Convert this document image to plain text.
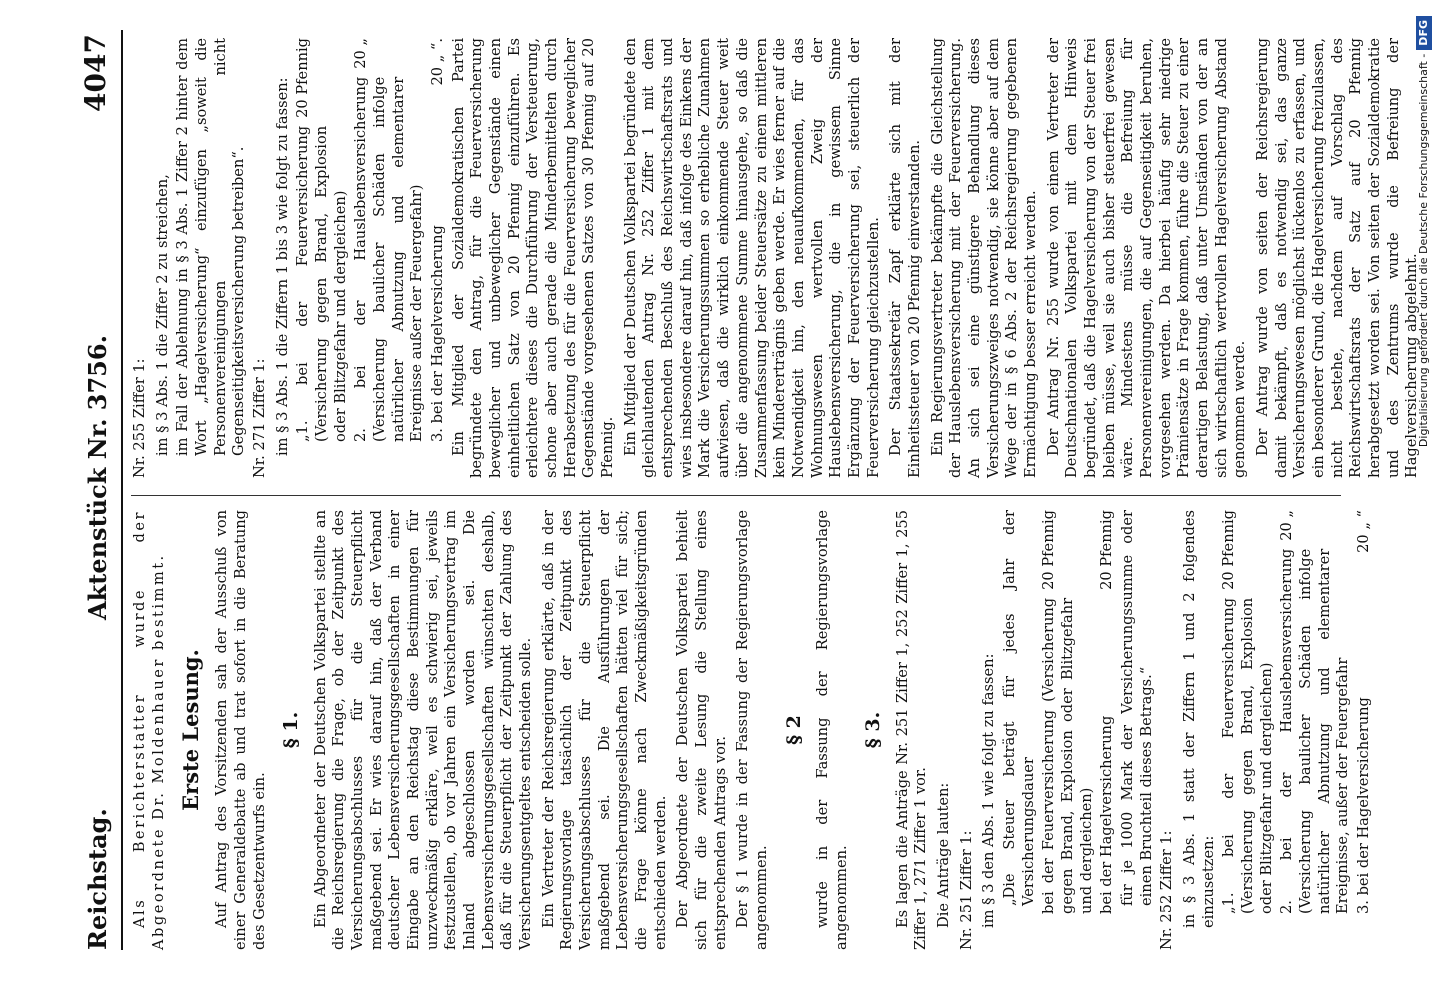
Reichstag.
Aktenstück Nr. 3756.
4047

Als Berichterstatter wurde der Abgeordnete Dr. Moldenhauer bestimmt. Erste Lesung. Auf Antrag des Vorsitzenden sah der Ausschuß von einer Generaldebatte ab und trat sofort in die Beratung des Gesetzentwurfs ein.

§ 1. Ein Abgeordneter der Deutschen Volkspartei stellte an die Reichsregierung die Frage, ob der Zeitpunkt des Versicherungsabschlusses für die Steuerpflicht maßgebend sei. Er wies darauf hin, daß der Verband deutscher Lebensversicherungsgesellschaften in einer Eingabe an den Reichstag diese Bestimmungen für unzweckmäßig erkläre, weil es schwierig sei, jeweils festzustellen, ob vor Jahren ein Versicherungsvertrag im Inland abgeschlossen worden sei. Die Lebensversicherungsgesellschaften wünschten deshalb, daß für die Steuerpflicht der Zeitpunkt der Zahlung des Versicherungsentgeltes entscheiden solle. Ein Vertreter der Reichsregierung erklärte, daß in der Regierungsvorlage tatsächlich der Zeitpunkt des Versicherungsabschlusses für die Steuerpflicht maßgebend sei. Die Ausführungen der Lebensversicherungsgesellschaften hätten viel für sich; die Frage könne nach Zweckmäßigkeitsgründen entschieden werden. Der Abgeordnete der Deutschen Volkspartei behielt sich für die zweite Lesung die Stellung eines entsprechenden Antrags vor. Der § 1 wurde in der Fassung der Regierungsvorlage angenommen.

§ 2 wurde in der Fassung der Regierungsvorlage angenommen.

§ 3. Es lagen die Anträge Nr. 251 Ziffer 1, 252 Ziffer 1, 255 Ziffer 1, 271 Ziffer 1 vor. Die Anträge lauten: Nr. 251 Ziffer 1: im § 3 den Abs. 1 wie folgt zu fassen: „Die Steuer beträgt für jedes Jahr der Versicherungsdauer bei der Feuerversicherung (Versicherung gegen Brand, Explosion oder Blitzgefahr und dergleichen)
20 Pfennig
bei der Hagelversicherung
20 Pfennig für je 1000 Mark der Versicherungssumme oder einen Bruchteil dieses Betrags.“ Nr. 252 Ziffer 1: in § 3 Abs. 1 statt der Ziffern 1 und 2 folgendes einzusetzen: „1. bei der Feuerversicherung (Versicherung gegen Brand, Explosion oder Blitzgefahr und dergleichen)
20 Pfennig	2. bei der Hauslebensversicherung (Versicherung baulicher Schäden infolge natürlicher Abnutzung und elementarer Ereignisse, außer der Feuergefahr
20 „
3. bei der Hagelversicherung
20 „ “

Nr. 255 Ziffer 1: im § 3 Abs. 1 die Ziffer 2 zu streichen, im Fall der Ablehnung in § 3 Abs. 1 Ziffer 2 hinter dem Wort „Hagelversicherung“ einzufügen „soweit die Personenvereinigungen nicht Gegenseitigkeitsversicherung betreiben“. Nr. 271 Ziffer 1: im § 3 Abs. 1 die Ziffern 1 bis 3 wie folgt zu fassen: „1. bei der Feuerversicherung (Versicherung gegen Brand, Explosion oder Blitzgefahr und dergleichen)
20 Pfennig	2. bei der Hauslebensversicherung (Versicherung baulicher Schäden infolge natürlicher Abnutzung und elementarer Ereignisse außer der Feuergefahr)
20 „
3. bei der Hagelversicherung
20 „ “. Ein Mitglied der Sozialdemokratischen Partei begründete den Antrag, für die Feuerversicherung beweglicher und unbeweglicher Gegenstände einen einheitlichen Satz von 20 Pfennig einzuführen. Es erleichtere dieses die Durchführung der Versteuerung, schone aber auch gerade die Minderbemittelten durch Herabsetzung des für die Feuerversicherung beweglicher Gegenstände vorgesehenen Satzes von 30 Pfennig auf 20 Pfennig. Ein Mitglied der Deutschen Volkspartei begründete den gleichlautenden Antrag Nr. 252 Ziffer 1 mit dem entsprechenden Beschluß des Reichswirtschaftsrats und wies insbesondere darauf hin, daß infolge des Einkens der Mark die Versicherungssummen so erhebliche Zunahmen aufwiesen, daß die wirklich einkommende Steuer weit über die angenommene Summe hinausgehe, so daß die Zusammenfassung beider Steuersätze zu einem mittleren kein Mindererträgnis geben werde. Er wies ferner auf die Notwendigkeit hin, den neuaufkommenden, für das Wohnungswesen wertvollen Zweig der Hauslebensversicherung, die in gewissem Sinne Ergänzung der Feuerversicherung sei, steuerlich der Feuerversicherung gleichzustellen. Der Staatssekretär Zapf erklärte sich mit der Einheitssteuer von 20 Pfennig einverstanden. Ein Regierungsvertreter bekämpfte die Gleichstellung der Hauslebensversicherung mit der Feuerversicherung. An sich sei eine günstigere Behandlung dieses Versicherungszweiges notwendig, sie könne aber auf dem Wege der in § 6 Abs. 2 der Reichsregierung gegebenen Ermächtigung besser erreicht werden. Der Antrag Nr. 255 wurde von einem Vertreter der Deutschnationalen Volkspartei mit dem Hinweis begründet, daß die Hagelversicherung von der Steuer frei bleiben müsse, weil sie auch bisher steuerfrei gewesen wäre. Mindestens müsse die Befreiung für Personenvereinigungen, die auf Gegenseitigkeit beruhen, vorgesehen werden. Da hierbei häufig sehr niedrige Prämiensätze in Frage kommen, führe die Steuer zu einer derartigen Belastung, daß unter Umständen von der an sich wirtschaftlich wertvollen Hagelversicherung Abstand genommen werde. Der Antrag wurde von seiten der Reichsregierung damit bekämpft, daß es notwendig sei, das ganze Versicherungswesen möglichst lückenlos zu erfassen, und ein besonderer Grund, die Hagelversicherung freizulassen, nicht bestehe, nachdem auf Vorschlag des Reichswirtschaftsrats der Satz auf 20 Pfennig herabgesetzt worden sei. Von seiten der Sozialdemokratie und des Zentrums wurde die Befreiung der Hagelversicherung abgelehnt.

Digitalisierung gefördert durch die Deutsche Forschungsgemeinschaft -DFG
